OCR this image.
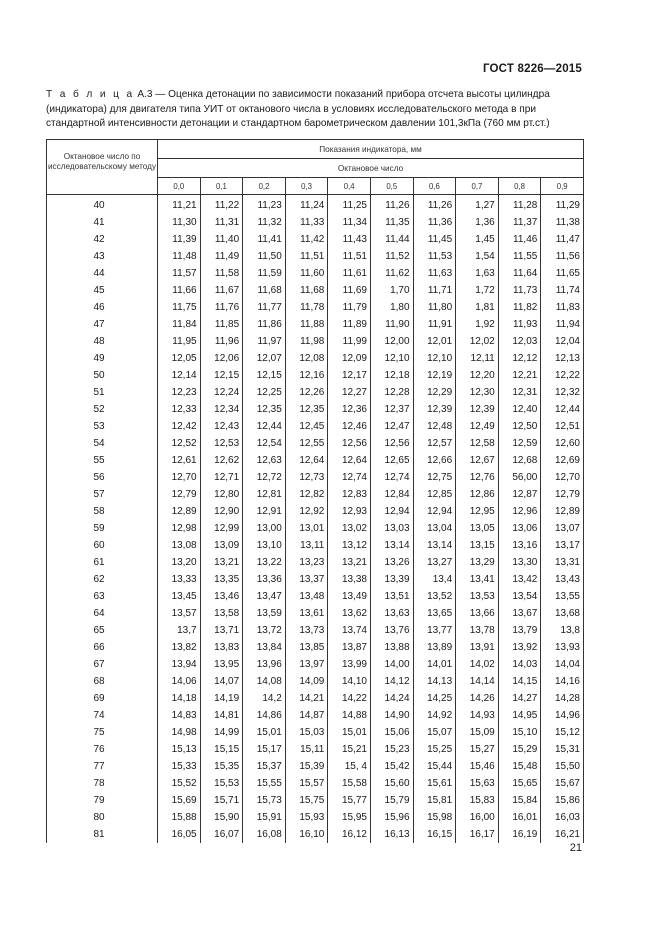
ГОСТ 8226—2015
Т а б л и ц а А.3 — Оценка детонации по зависимости показаний прибора отсчета высоты цилиндра (индикатора) для двигателя типа УИТ от октанового числа в условиях исследовательского метода в при стандартной интенсивности детонации и стандартном барометрическом давлении 101,3кПа (760 мм рт.ст.)
Октановое число по исследовательскому методу	Показания индикатора, мм									
	Октановое число									
	0,0	0,1	0,2	0,3	0,4	0,5	0,6	0,7	0,8	0,9
40	11,21	11,22	11,23	11,24	11,25	11,26	11,26	1,27	11,28	11,29
41	11,30	11,31	11,32	11,33	11,34	11,35	11,36	1,36	11,37	11,38
42	11,39	11,40	11,41	11,42	11,43	11,44	11,45	1,45	11,46	11,47
43	11,48	11,49	11,50	11,51	11,51	11,52	11,53	1,54	11,55	11,56
44	11,57	11,58	11,59	11,60	11,61	11,62	11,63	1,63	11,64	11,65
45	11,66	11,67	11,68	11,68	11,69	1,70	11,71	1,72	11,73	11,74
46	11,75	11,76	11,77	11,78	11,79	1,80	11,80	1,81	11,82	11,83
47	11,84	11,85	11,86	11,88	11,89	11,90	11,91	1,92	11,93	11,94
48	11,95	11,96	11,97	11,98	11,99	12,00	12,01	12,02	12,03	12,04
49	12,05	12,06	12,07	12,08	12,09	12,10	12,10	12,11	12,12	12,13
50	12,14	12,15	12,15	12,16	12,17	12,18	12,19	12,20	12,21	12,22
51	12,23	12,24	12,25	12,26	12,27	12,28	12,29	12,30	12,31	12,32
52	12,33	12,34	12,35	12,35	12,36	12,37	12,39	12,39	12,40	12,44
53	12,42	12,43	12,44	12,45	12,46	12,47	12,48	12,49	12,50	12,51
54	12,52	12,53	12,54	12,55	12,56	12,56	12,57	12,58	12,59	12,60
55	12,61	12,62	12,63	12,64	12,64	12,65	12,66	12,67	12,68	12,69
56	12,70	12,71	12,72	12,73	12,74	12,74	12,75	12,76	56,00	12,70
57	12,79	12,80	12,81	12,82	12,83	12,84	12,85	12,86	12,87	12,79
58	12,89	12,90	12,91	12,92	12,93	12,94	12,94	12,95	12,96	12,89
59	12,98	12,99	13,00	13,01	13,02	13,03	13,04	13,05	13,06	13,07
60	13,08	13,09	13,10	13,11	13,12	13,14	13,14	13,15	13,16	13,17
61	13,20	13,21	13,22	13,23	13,21	13,26	13,27	13,29	13,30	13,31
62	13,33	13,35	13,36	13,37	13,38	13,39	13,4	13,41	13,42	13,43
63	13,45	13,46	13,47	13,48	13,49	13,51	13,52	13,53	13,54	13,55
64	13,57	13,58	13,59	13,61	13,62	13,63	13,65	13,66	13,67	13,68
65	13,7	13,71	13,72	13,73	13,74	13,76	13,77	13,78	13,79	13,8
66	13,82	13,83	13,84	13,85	13,87	13,88	13,89	13,91	13,92	13,93
67	13,94	13,95	13,96	13,97	13,99	14,00	14,01	14,02	14,03	14,04
68	14,06	14,07	14,08	14,09	14,10	14,12	14,13	14,14	14,15	14,16
69	14,18	14,19	14,2	14,21	14,22	14,24	14,25	14,26	14,27	14,28
74	14,83	14,81	14,86	14,87	14,88	14,90	14,92	14,93	14,95	14,96
75	14,98	14,99	15,01	15,03	15,01	15,06	15,07	15,09	15,10	15,12
76	15,13	15,15	15,17	15,11	15,21	15,23	15,25	15,27	15,29	15,31
77	15,33	15,35	15,37	15,39	15, 4	15,42	15,44	15,46	15,48	15,50
78	15,52	15,53	15,55	15,57	15,58	15,60	15,61	15,63	15,65	15,67
79	15,69	15,71	15,73	15,75	15,77	15,79	15,81	15,83	15,84	15,86
80	15,88	15,90	15,91	15,93	15,95	15,96	15,98	16,00	16,01	16,03
81	16,05	16,07	16,08	16,10	16,12	16,13	16,15	16,17	16,19	16,21
21
